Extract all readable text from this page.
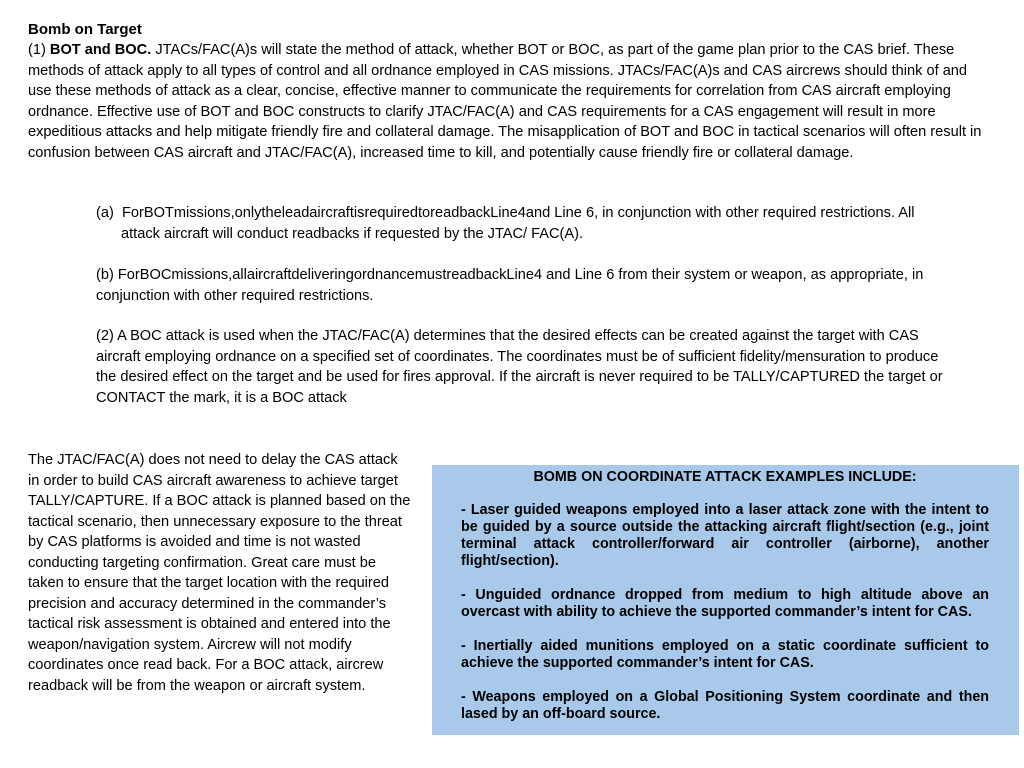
Bomb on Target
(1) BOT and BOC. JTACs/FAC(A)s will state the method of attack, whether BOT or BOC, as part of the game plan prior to the CAS brief. These methods of attack apply to all types of control and all ordnance employed in CAS missions. JTACs/FAC(A)s and CAS aircrews should think of and use these methods of attack as a clear, concise, effective manner to communicate the requirements for correlation from CAS aircraft employing ordnance. Effective use of BOT and BOC constructs to clarify JTAC/FAC(A) and CAS requirements for a CAS engagement will result in more expeditious attacks and help mitigate friendly fire and collateral damage. The misapplication of BOT and BOC in tactical scenarios will often result in confusion between CAS aircraft and JTAC/FAC(A), increased time to kill, and potentially cause friendly fire or collateral damage.
(a)  ForBOTmissions,onlytheleadaircraftisrequiredtoreadbackLine4and Line 6, in conjunction with other required restrictions. All attack aircraft will conduct readbacks if requested by the JTAC/ FAC(A).
(b) ForBOCmissions,allaircraftdeliveringordnancemustreadbackLine4 and Line 6 from their system or weapon, as appropriate, in conjunction with other required restrictions.
(2) A BOC attack is used when the JTAC/FAC(A) determines that the desired effects can be created against the target with CAS aircraft employing ordnance on a specified set of coordinates. The coordinates must be of sufficient fidelity/mensuration to produce the desired effect on the target and be used for fires approval. If the aircraft is never required to be TALLY/CAPTURED the target or CONTACT the mark, it is a BOC attack
The JTAC/FAC(A) does not need to delay the CAS attack in order to build CAS aircraft awareness to achieve target TALLY/CAPTURE. If a BOC attack is planned based on the tactical scenario, then unnecessary exposure to the threat by CAS platforms is avoided and time is not wasted conducting targeting confirmation. Great care must be taken to ensure that the target location with the required precision and accuracy determined in the commander’s tactical risk assessment is obtained and entered into the weapon/navigation system. Aircrew will not modify coordinates once read back. For a BOC attack, aircrew readback will be from the weapon or aircraft system.
BOMB ON COORDINATE ATTACK EXAMPLES INCLUDE:
- Laser guided weapons employed into a laser attack zone with the intent to be guided by a source outside the attacking aircraft flight/section (e.g., joint terminal attack controller/forward air controller (airborne), another flight/section).
- Unguided ordnance dropped from medium to high altitude above an overcast with ability to achieve the supported commander’s intent for CAS.
- Inertially aided munitions employed on a static coordinate sufficient to achieve the supported commander’s intent for CAS.
- Weapons employed on a Global Positioning System coordinate and then lased by an off-board source.
